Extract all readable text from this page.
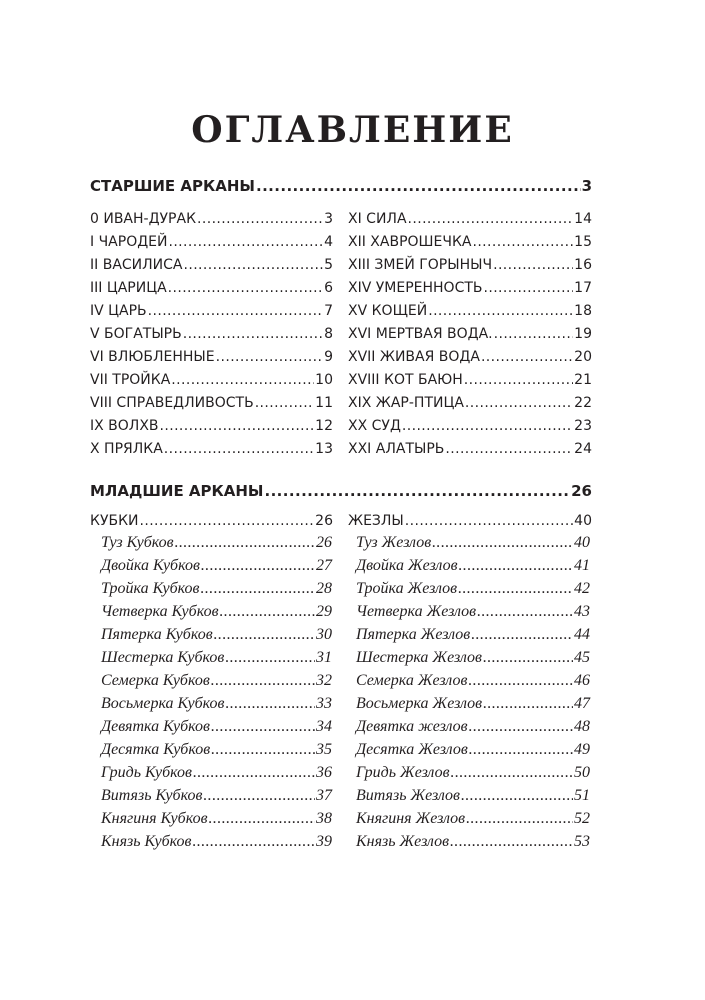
ОГЛАВЛЕНИЕ
СТАРШИЕ АРКАНЫ .....	3
0 ИВАН-ДУРАК .....	3
I ЧАРОДЕЙ .....	4
II ВАСИЛИСА .....	5
III ЦАРИЦА .....	6
IV ЦАРЬ .....	7
V БОГАТЫРЬ .....	8
VI ВЛЮБЛЕННЫЕ .....	9
VII ТРОЙКА .....	10
VIII СПРАВЕДЛИВОСТЬ .....	11
IX ВОЛХВ .....	12
X ПРЯЛКА .....	13
XI СИЛА .....	14
XII ХАВРОШЕЧКА .....	15
XIII ЗМЕЙ ГОРЫНЫЧ .....	16
XIV УМЕРЕННОСТЬ .....	17
XV КОЩЕЙ .....	18
XVI МЕРТВАЯ ВОДА. .....	19
XVII ЖИВАЯ ВОДА .....	20
XVIII КОТ БАЮН .....	21
XIX ЖАР-ПТИЦА .....	22
XX СУД .....	23
XXI АЛАТЫРЬ .....	24
МЛАДШИЕ АРКАНЫ .....	26
КУБКИ .....	26
Туз Кубков .....	26
Двойка Кубков .....	27
Тройка Кубков .....	28
Четверка Кубков .....	29
Пятерка Кубков .....	30
Шестерка Кубков .....	31
Семерка Кубков .....	32
Восьмерка Кубков .....	33
Девятка Кубков .....	34
Десятка Кубков .....	35
Гридь Кубков .....	36
Витязь Кубков .....	37
Княгиня Кубков .....	38
Князь Кубков .....	39
ЖЕЗЛЫ .....	40
Туз Жезлов .....	40
Двойка Жезлов .....	41
Тройка Жезлов .....	42
Четверка Жезлов .....	43
Пятерка Жезлов .....	44
Шестерка Жезлов .....	45
Семерка Жезлов .....	46
Восьмерка Жезлов .....	47
Девятка жезлов .....	48
Десятка Жезлов .....	49
Гридь Жезлов .....	50
Витязь Жезлов .....	51
Княгиня Жезлов .....	52
Князь Жезлов .....	53
